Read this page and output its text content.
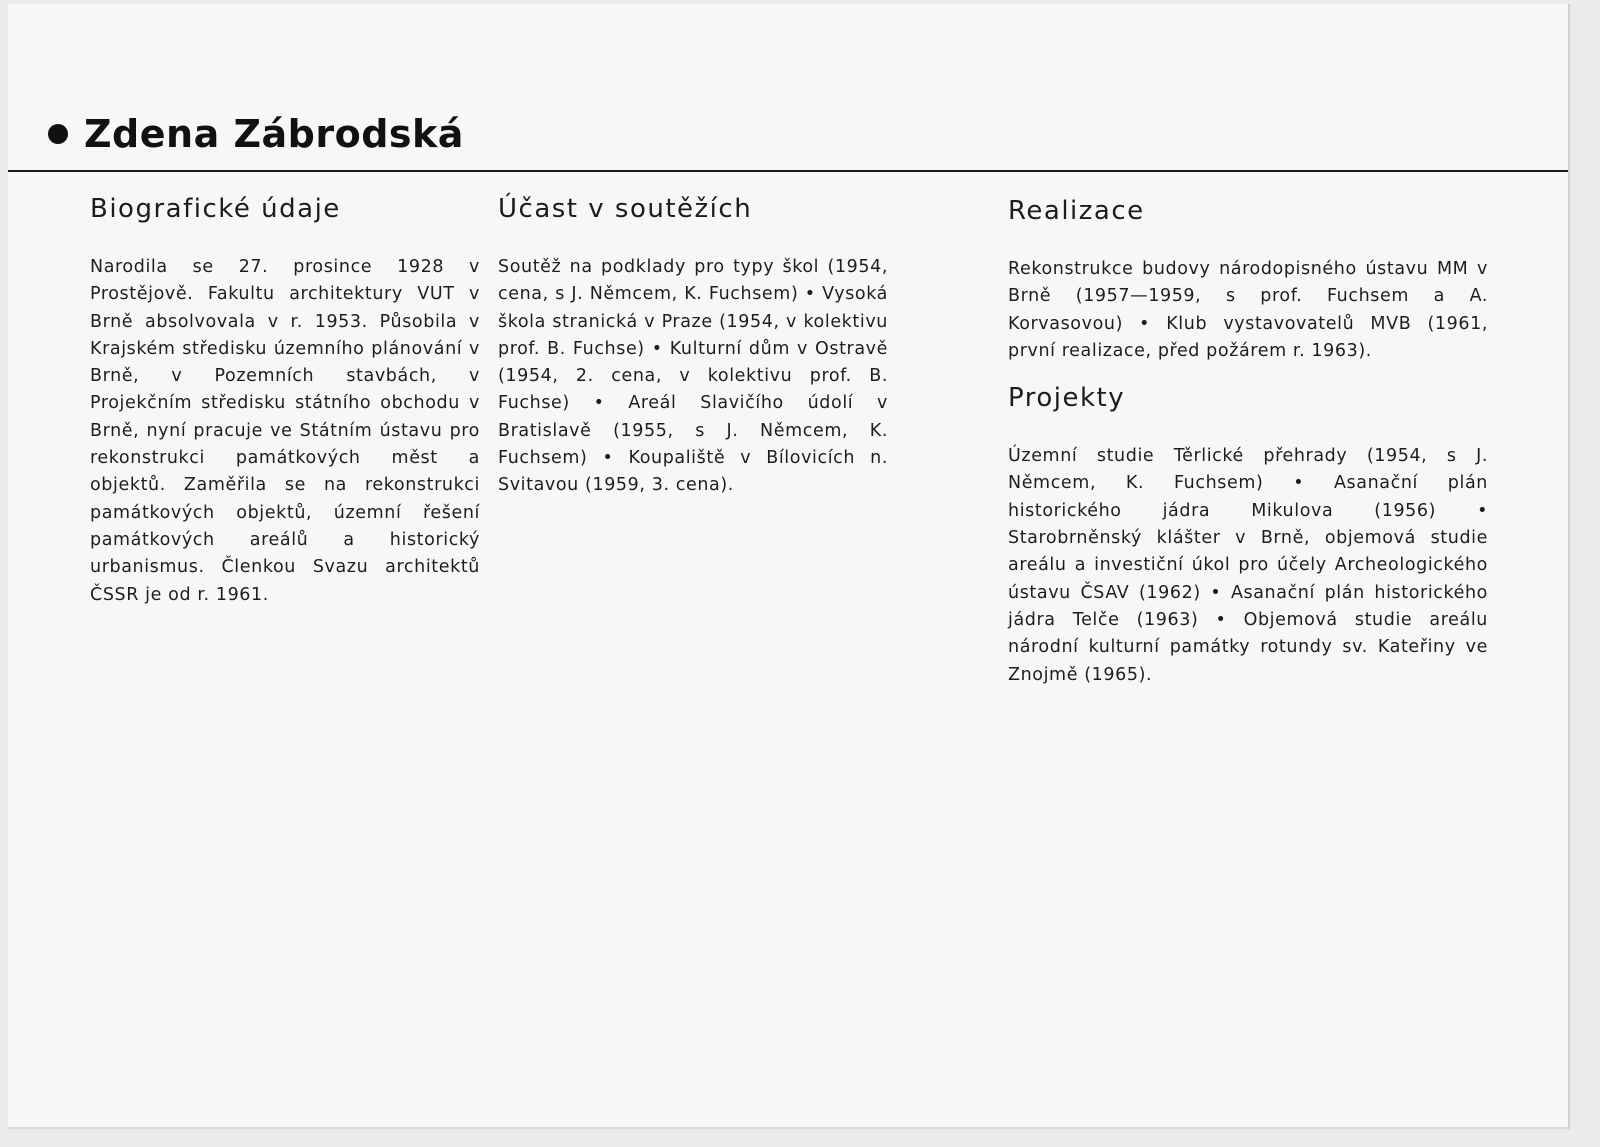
Zdena Zábrodská
Biografické údaje

Narodila se 27. prosince 1928 v Prostějově. Fakultu architektury VUT v Brně absolvovala v r. 1953. Působila v Krajském středisku územního plánování v Brně, v Pozemních stavbách, v Projekčním středisku státního obchodu v Brně, nyní pracuje ve Státním ústavu pro rekonstrukci památkových měst a objektů. Zaměřila se na rekonstrukci památkových objektů, územní řešení památkových areálů a historický urbanismus. Členkou Svazu architektů ČSSR je od r. 1961.

Účast v soutěžích

Soutěž na podklady pro typy škol (1954, cena, s J. Němcem, K. Fuchsem) • Vysoká škola stranická v Praze (1954, v kolektivu prof. B. Fuchse) • Kulturní dům v Ostravě (1954, 2. cena, v kolektivu prof. B. Fuchse) • Areál Slavičího údolí v Bratislavě (1955, s J. Němcem, K. Fuchsem) • Koupaliště v Bílovicích n. Svitavou (1959, 3. cena).

Realizace

Rekonstrukce budovy národopisného ústavu MM v Brně (1957—1959, s prof. Fuchsem a A. Korvasovou) • Klub vystavovatelů MVB (1961, první realizace, před požárem r. 1963).

Projekty

Územní studie Těrlické přehrady (1954, s J. Němcem, K. Fuchsem) • Asanační plán historického jádra Mikulova (1956) • Starobrněnský klášter v Brně, objemová studie areálu a investiční úkol pro účely Archeologického ústavu ČSAV (1962) • Asanační plán historického jádra Telče (1963) • Objemová studie areálu národní kulturní památky rotundy sv. Kateřiny ve Znojmě (1965).
